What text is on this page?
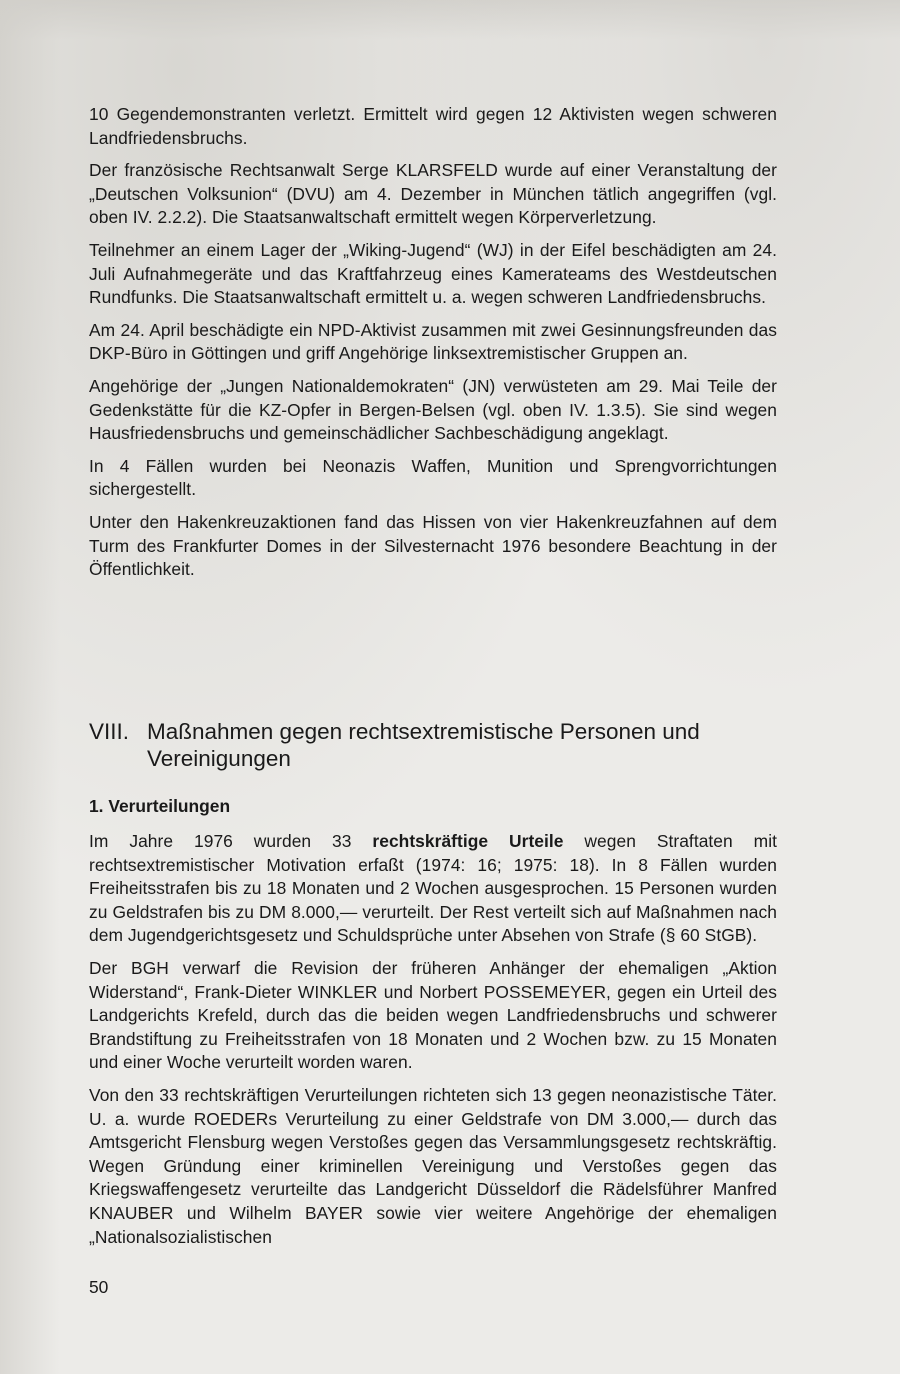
10 Gegendemonstranten verletzt. Ermittelt wird gegen 12 Aktivisten wegen schweren Landfriedensbruchs.

Der französische Rechtsanwalt Serge KLARSFELD wurde auf einer Veranstaltung der „Deutschen Volksunion“ (DVU) am 4. Dezember in München tätlich angegriffen (vgl. oben IV. 2.2.2). Die Staatsanwaltschaft ermittelt wegen Körperverletzung.

Teilnehmer an einem Lager der „Wiking-Jugend“ (WJ) in der Eifel beschädigten am 24. Juli Aufnahmegeräte und das Kraftfahrzeug eines Kamerateams des Westdeutschen Rundfunks. Die Staatsanwaltschaft ermittelt u. a. wegen schweren Landfriedensbruchs.

Am 24. April beschädigte ein NPD-Aktivist zusammen mit zwei Gesinnungsfreunden das DKP-Büro in Göttingen und griff Angehörige linksextremistischer Gruppen an.

Angehörige der „Jungen Nationaldemokraten“ (JN) verwüsteten am 29. Mai Teile der Gedenkstätte für die KZ-Opfer in Bergen-Belsen (vgl. oben IV. 1.3.5). Sie sind wegen Hausfriedensbruchs und gemeinschädlicher Sachbeschädigung angeklagt.

In 4 Fällen wurden bei Neonazis Waffen, Munition und Sprengvorrichtungen sichergestellt.

Unter den Hakenkreuzaktionen fand das Hissen von vier Hakenkreuzfahnen auf dem Turm des Frankfurter Domes in der Silvesternacht 1976 besondere Beachtung in der Öffentlichkeit.

VIII. Maßnahmen gegen rechtsextremistische Personen und Vereinigungen
1. Verurteilungen

Im Jahre 1976 wurden 33 rechtskräftige Urteile wegen Straftaten mit rechtsextremistischer Motivation erfaßt (1974: 16; 1975: 18). In 8 Fällen wurden Freiheitsstrafen bis zu 18 Monaten und 2 Wochen ausgesprochen. 15 Personen wurden zu Geldstrafen bis zu DM 8.000,— verurteilt. Der Rest verteilt sich auf Maßnahmen nach dem Jugendgerichtsgesetz und Schuldsprüche unter Absehen von Strafe (§ 60 StGB).

Der BGH verwarf die Revision der früheren Anhänger der ehemaligen „Aktion Widerstand“, Frank-Dieter WINKLER und Norbert POSSEMEYER, gegen ein Urteil des Landgerichts Krefeld, durch das die beiden wegen Landfriedensbruchs und schwerer Brandstiftung zu Freiheitsstrafen von 18 Monaten und 2 Wochen bzw. zu 15 Monaten und einer Woche verurteilt worden waren.

Von den 33 rechtskräftigen Verurteilungen richteten sich 13 gegen neonazistische Täter. U. a. wurde ROEDERs Verurteilung zu einer Geldstrafe von DM 3.000,— durch das Amtsgericht Flensburg wegen Verstoßes gegen das Versammlungsgesetz rechtskräftig. Wegen Gründung einer kriminellen Vereinigung und Verstoßes gegen das Kriegswaffengesetz verurteilte das Landgericht Düsseldorf die Rädelsführer Manfred KNAUBER und Wilhelm BAYER sowie vier weitere Angehörige der ehemaligen „Nationalsozialistischen

50
